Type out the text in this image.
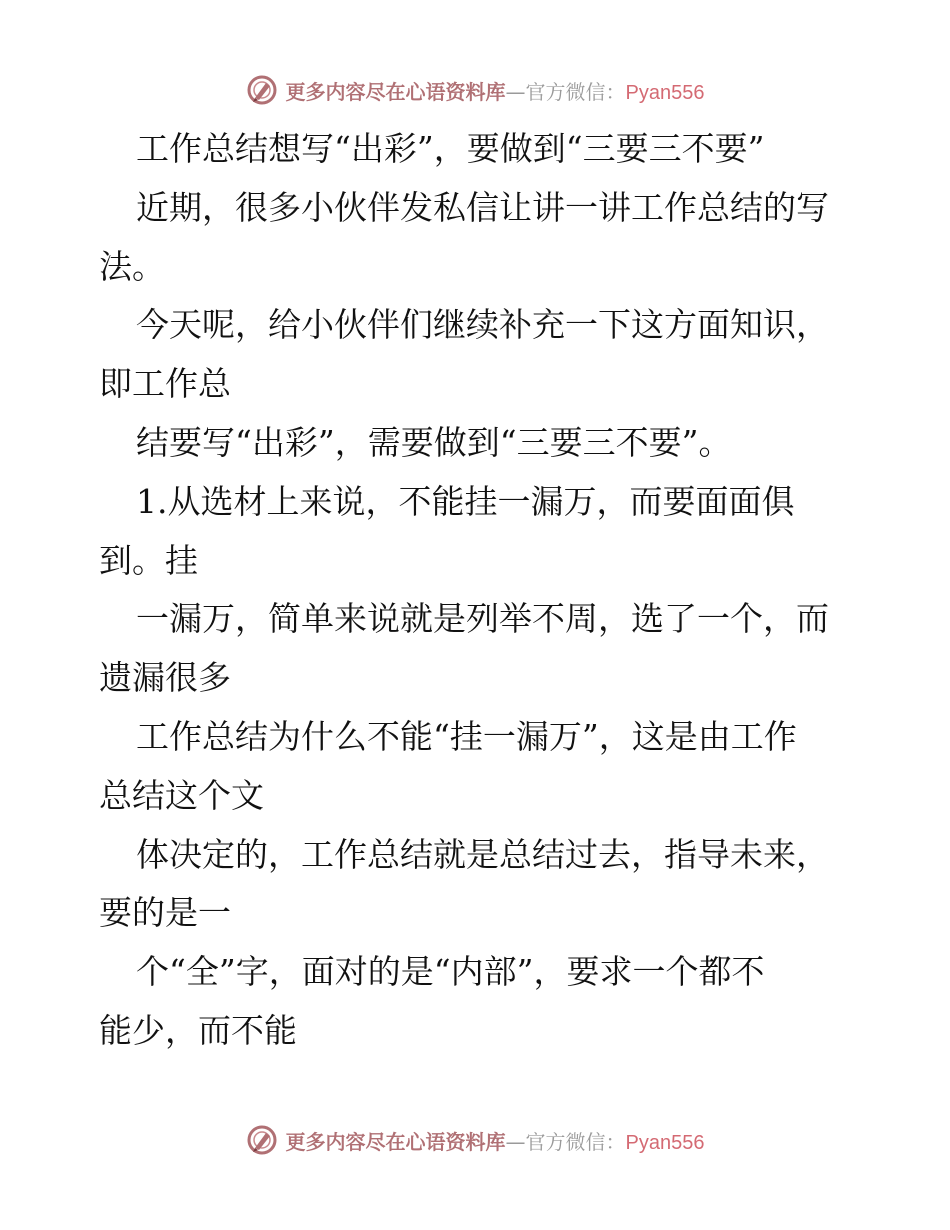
更多内容尽在心语资料库 — 官方微信： Pyan556
工作总结想写“出彩”，要做到“三要三不要”
近期，很多小伙伴发私信让讲一讲工作总结的写
法。
今天呢，给小伙伴们继续补充一下这方面知识，
即工作总
结要写“出彩”，需要做到“三要三不要”。
1.从选材上来说，不能挂一漏万，而要面面俱
到。挂
一漏万，简单来说就是列举不周，选了一个，而
遗漏很多
工作总结为什么不能“挂一漏万”，这是由工作
总结这个文
体决定的，工作总结就是总结过去，指导未来，
要的是一
个“全”字，面对的是“内部”，要求一个都不
能少，而不能
更多内容尽在心语资料库 — 官方微信： Pyan556
